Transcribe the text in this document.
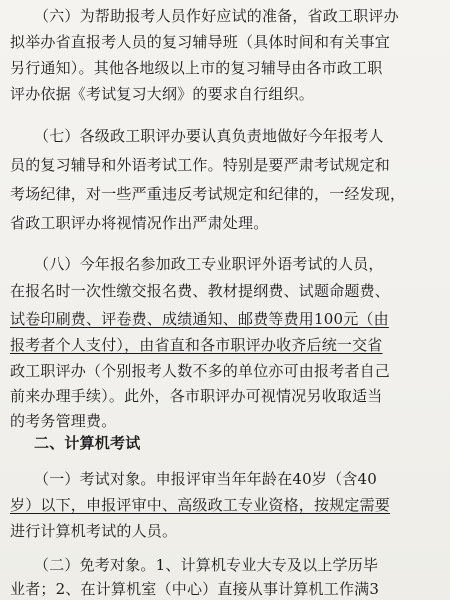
（六）为帮助报考人员作好应试的准备，省政工职评办
拟举办省直报考人员的复习辅导班（具体时间和有关事宜
另行通知）。其他各地级以上市的复习辅导由各市政工职
评办依据《考试复习大纲》的要求自行组织。
（七）各级政工职评办要认真负责地做好今年报考人
员的复习辅导和外语考试工作。特别是要严肃考试规定和
考场纪律，对一些严重违反考试规定和纪律的，一经发现，
省政工职评办将视情况作出严肃处理。
（八）今年报名参加政工专业职评外语考试的人员，
在报名时一次性缴交报名费、教材提纲费、试题命题费、
试卷印刷费、评卷费、成绩通知、邮费等费用100元（由
报考者个人支付），由省直和各市职评办收齐后统一交省
政工职评办（个别报考人数不多的单位亦可由报考者自己
前来办理手续）。此外，各市职评办可视情况另收取适当
的考务管理费。
二、计算机考试
（一）考试对象。申报评审当年年龄在40岁（含40
岁）以下，申报评审中、高级政工专业资格，按规定需要
进行计算机考试的人员。
（二）免考对象。1、计算机专业大专及以上学历毕
业者；2、在计算机室（中心）直接从事计算机工作满3
